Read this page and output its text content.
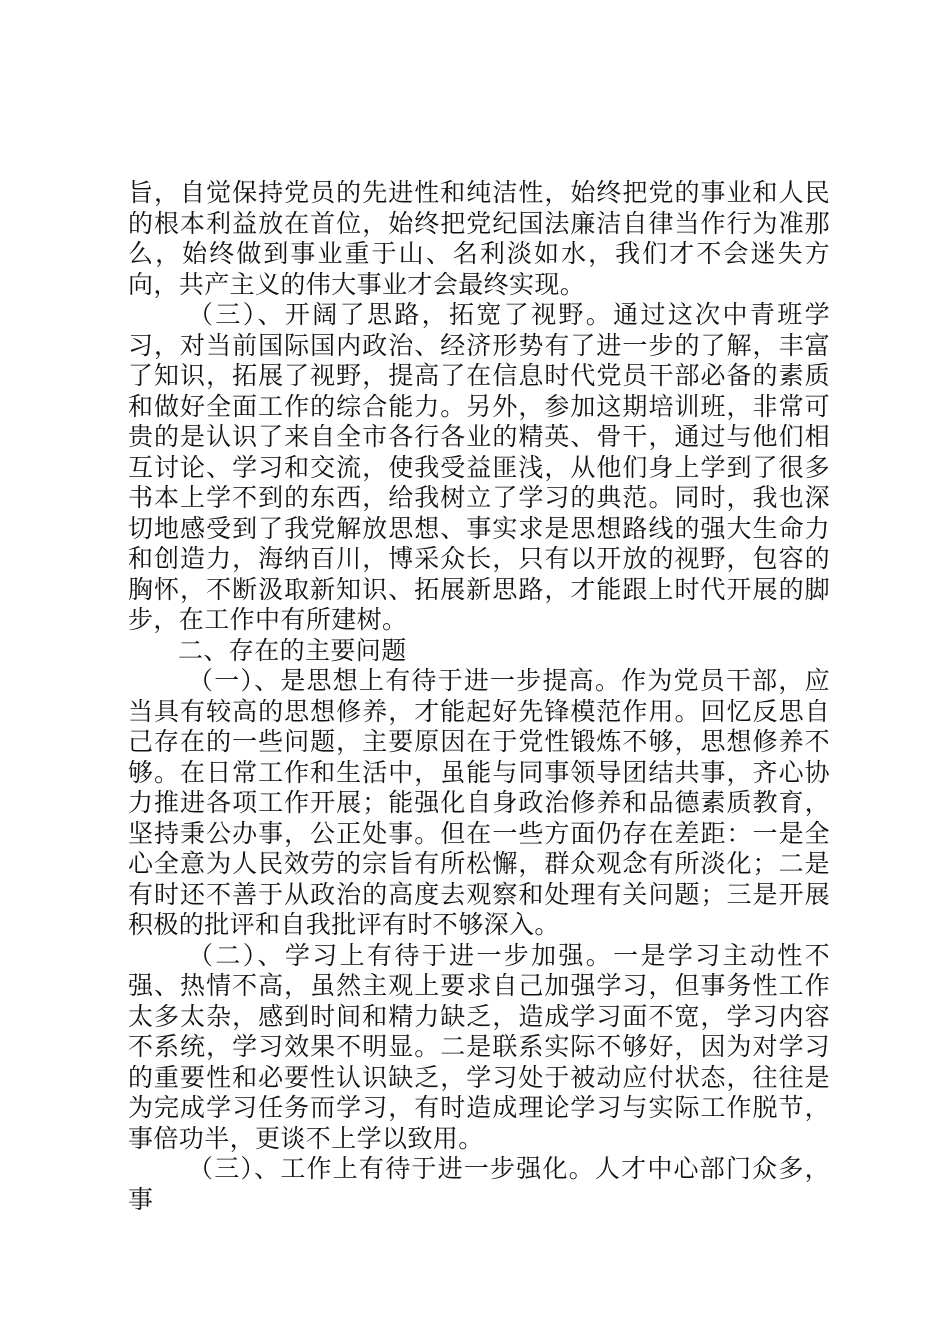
旨，自觉保持党员的先进性和纯洁性，始终把党的事业和人民的根本利益放在首位，始终把党纪国法廉洁自律当作行为准那么，始终做到事业重于山、名利淡如水，我们才不会迷失方向，共产主义的伟大事业才会最终实现。

（三）、开阔了思路，拓宽了视野。通过这次中青班学习，对当前国际国内政治、经济形势有了进一步的了解，丰富了知识，拓展了视野，提高了在信息时代党员干部必备的素质和做好全面工作的综合能力。另外，参加这期培训班，非常可贵的是认识了来自全市各行各业的精英、骨干，通过与他们相互讨论、学习和交流，使我受益匪浅，从他们身上学到了很多书本上学不到的东西，给我树立了学习的典范。同时，我也深切地感受到了我党解放思想、事实求是思想路线的强大生命力和创造力，海纳百川，博采众长，只有以开放的视野，包容的胸怀，不断汲取新知识、拓展新思路，才能跟上时代开展的脚步，在工作中有所建树。

二、存在的主要问题

（一）、是思想上有待于进一步提高。作为党员干部，应当具有较高的思想修养，才能起好先锋模范作用。回忆反思自己存在的一些问题，主要原因在于党性锻炼不够，思想修养不够。在日常工作和生活中，虽能与同事领导团结共事，齐心协力推进各项工作开展；能强化自身政治修养和品德素质教育，坚持秉公办事，公正处事。但在一些方面仍存在差距：一是全心全意为人民效劳的宗旨有所松懈，群众观念有所淡化；二是有时还不善于从政治的高度去观察和处理有关问题；三是开展积极的批评和自我批评有时不够深入。

（二）、学习上有待于进一步加强。一是学习主动性不强、热情不高，虽然主观上要求自己加强学习，但事务性工作太多太杂，感到时间和精力缺乏，造成学习面不宽，学习内容不系统，学习效果不明显。二是联系实际不够好，因为对学习的重要性和必要性认识缺乏，学习处于被动应付状态，往往是为完成学习任务而学习，有时造成理论学习与实际工作脱节，事倍功半，更谈不上学以致用。

（三）、工作上有待于进一步强化。人才中心部门众多，事
